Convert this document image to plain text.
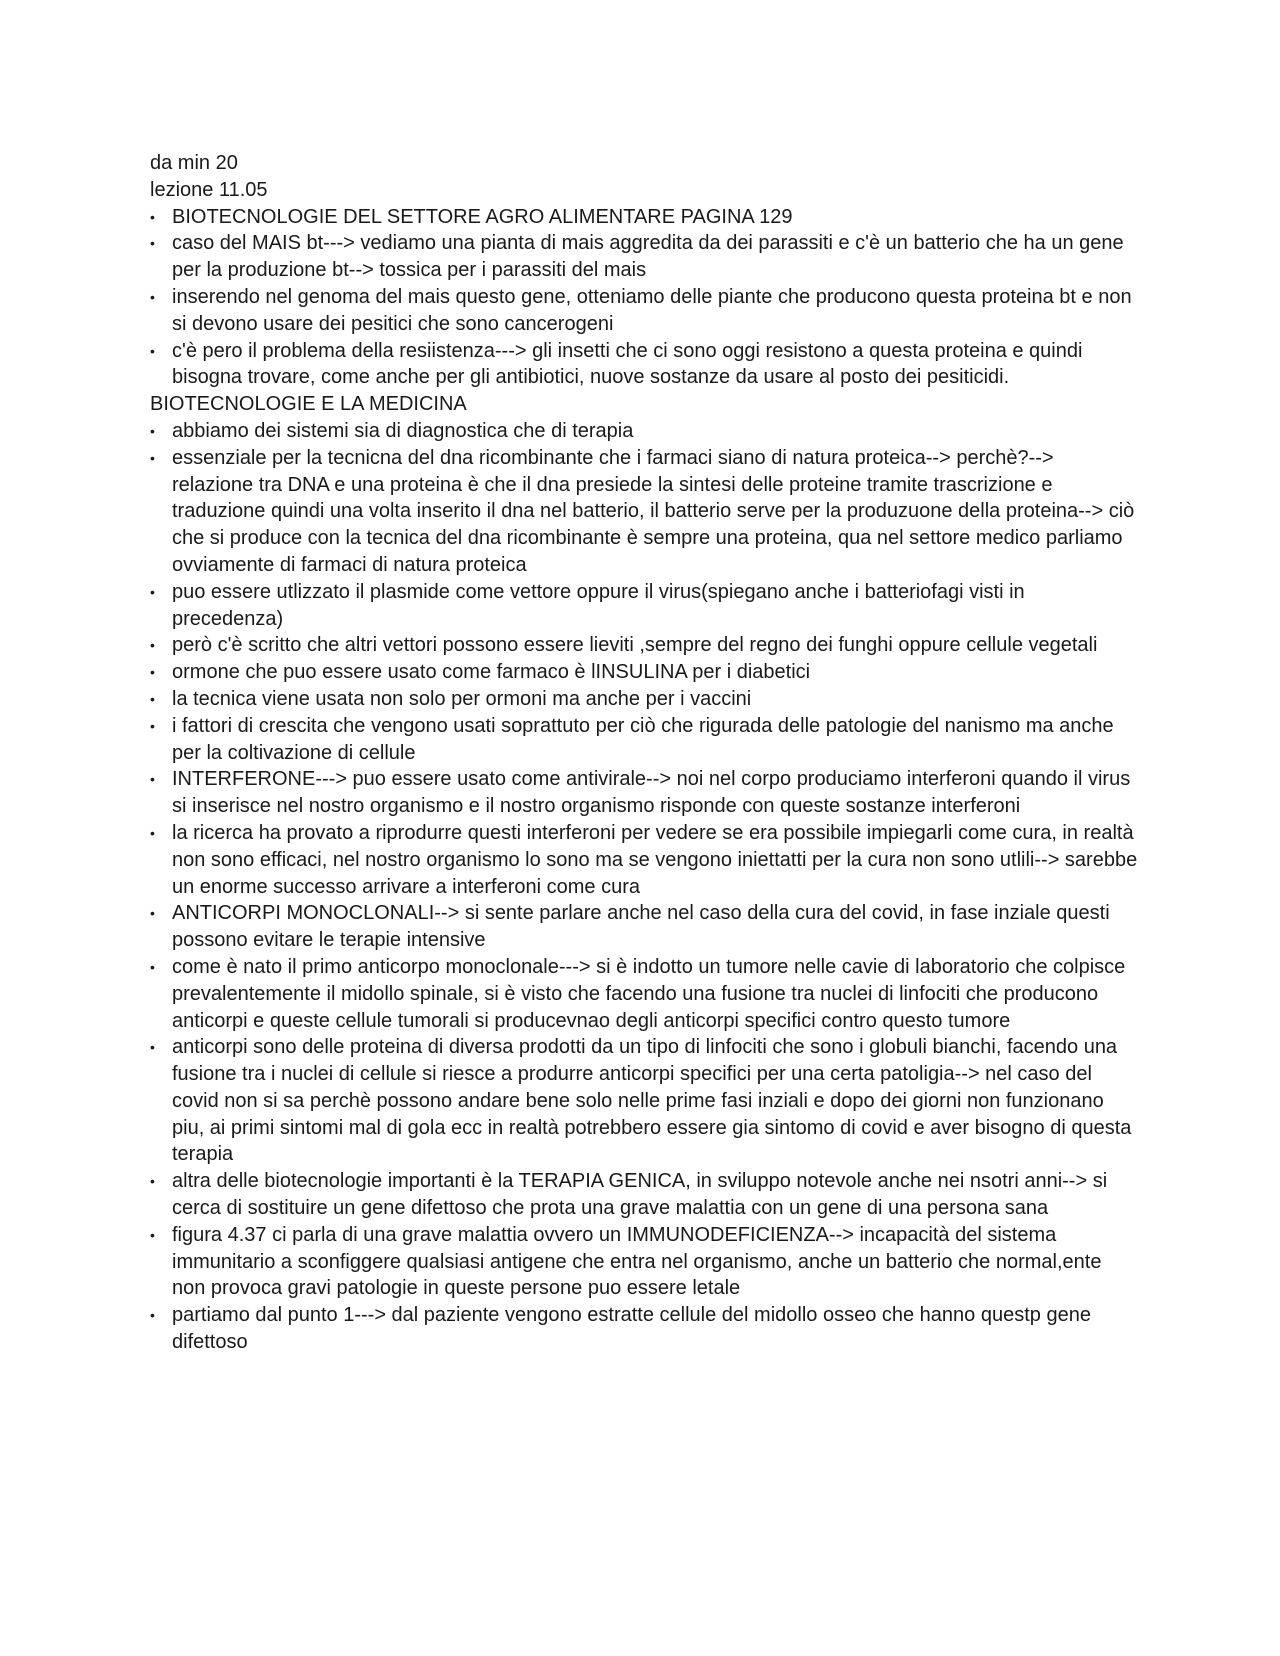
da min 20
lezione 11.05
• BIOTECNOLOGIE DEL SETTORE AGRO ALIMENTARE PAGINA 129
• caso del MAIS bt---> vediamo una pianta di mais aggredita da dei parassiti e c'è un batterio che ha un gene per la produzione bt--> tossica per i parassiti del mais
• inserendo nel genoma del mais questo gene, otteniamo delle piante che producono questa proteina bt e non si devono usare dei pesitici che sono cancerogeni
• c'è pero il problema della resiistenza---> gli insetti che ci sono oggi resistono a questa proteina e quindi bisogna trovare, come anche per gli antibiotici, nuove sostanze da usare al posto dei pesiticidi.
BIOTECNOLOGIE E LA MEDICINA
• abbiamo dei sistemi sia di diagnostica che di terapia
• essenziale per la tecnicna del dna ricombinante che i farmaci siano di natura proteica--> perchè?--> relazione tra DNA e una proteina è che il dna presiede la sintesi delle proteine tramite trascrizione e traduzione quindi una volta inserito il dna nel batterio, il batterio serve per la produzuone della proteina--> ciò che si produce con la tecnica del dna ricombinante è sempre una proteina, qua nel settore medico parliamo ovviamente di farmaci di natura proteica
• puo essere utlizzato il plasmide come vettore oppure il virus(spiegano anche i batteriofagi visti in precedenza)
• però c'è scritto che altri vettori possono essere lieviti ,sempre del regno dei funghi oppure cellule vegetali
• ormone che puo essere usato come farmaco è lINSULINA per i diabetici
• la tecnica viene usata non solo per ormoni ma anche per i vaccini
• i fattori di crescita che vengono usati soprattuto per ciò che rigurada delle patologie del nanismo ma anche per la coltivazione di cellule
• INTERFERONE---> puo essere usato come antivirale--> noi nel corpo produciamo interferoni quando il virus si inserisce nel nostro organismo e il nostro organismo risponde con queste sostanze interferoni
• la ricerca ha provato a riprodurre questi interferoni per vedere se era possibile impiegarli come cura, in realtà non sono efficaci, nel nostro organismo lo sono ma se vengono iniettatti per la cura non sono utlili--> sarebbe un enorme successo arrivare a interferoni come cura
• ANTICORPI MONOCLONALI--> si sente parlare anche nel caso della cura del covid, in fase inziale questi possono evitare le terapie intensive
• come è nato il primo anticorpo monoclonale---> si è indotto un tumore nelle cavie di laboratorio che colpisce prevalentemente il midollo spinale, si è visto che facendo una fusione tra nuclei di linfociti che producono anticorpi e queste cellule tumorali si producevnao degli anticorpi specifici contro questo tumore
• anticorpi sono delle proteina di diversa prodotti da un tipo di linfociti che sono i globuli bianchi, facendo una fusione tra i nuclei di cellule si riesce a produrre anticorpi specifici per una certa patoligia--> nel caso del covid non si sa perchè possono andare bene solo nelle prime fasi inziali e dopo dei giorni non funzionano piu, ai primi sintomi mal di gola ecc in realtà potrebbero essere gia sintomo di covid e aver bisogno di questa terapia
• altra delle biotecnologie importanti è la TERAPIA GENICA, in sviluppo notevole anche nei nsotri anni--> si cerca di sostituire un gene difettoso che prota una grave malattia con un gene di una persona sana
• figura 4.37 ci parla di una grave malattia ovvero un IMMUNODEFICIENZA--> incapacità del sistema immunitario a sconfiggere qualsiasi antigene che entra nel organismo, anche un batterio che normal,ente non provoca gravi patologie in queste persone puo essere letale
• partiamo dal punto 1---> dal paziente vengono estratte cellule del midollo osseo che hanno questp gene difettoso
